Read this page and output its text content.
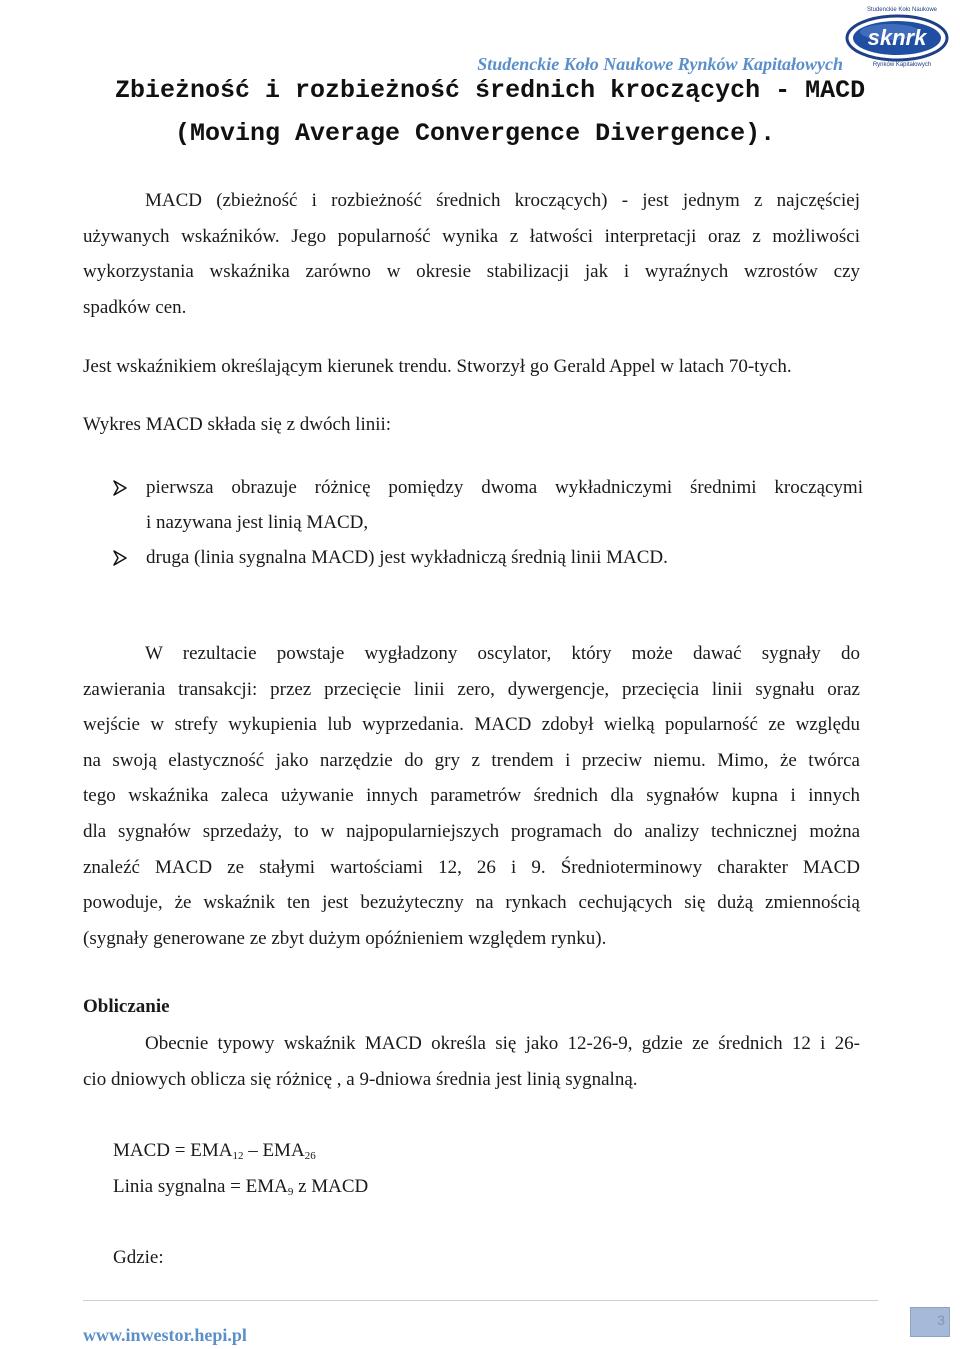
Studenckie Koło Naukowe Rynków Kapitałowych
sknrk
Studenckie Koło Naukowe
Rynków Kapitałowych
Zbieżność i rozbieżność średnich kroczących - MACD
(Moving Average Convergence Divergence).
MACD (zbieżność i rozbieżność średnich kroczących) - jest jednym z najczęściej
używanych wskaźników. Jego popularność wynika z łatwości interpretacji oraz z możliwości
wykorzystania wskaźnika zarówno w okresie stabilizacji jak i wyraźnych wzrostów czy
spadków cen.
Jest wskaźnikiem określającym kierunek trendu. Stworzył go Gerald Appel w latach 70-tych.
Wykres MACD składa się z dwóch linii:
pierwsza obrazuje różnicę pomiędzy dwoma wykładniczymi średnimi kroczącymi
i nazywana jest linią MACD,
druga (linia sygnalna MACD) jest wykładniczą średnią linii MACD.
W rezultacie powstaje wygładzony oscylator, który może dawać sygnały do
zawierania transakcji: przez przecięcie linii zero, dywergencje, przecięcia linii sygnału oraz
wejście w strefy wykupienia lub wyprzedania. MACD zdobył wielką popularność ze względu
na swoją elastyczność jako narzędzie do gry z trendem i przeciw niemu. Mimo, że twórca
tego wskaźnika zaleca używanie innych parametrów średnich dla sygnałów kupna i innych
dla sygnałów sprzedaży, to w najpopularniejszych programach do analizy technicznej można
znaleźć MACD ze stałymi wartościami 12, 26 i 9. Średnioterminowy charakter MACD
powoduje, że wskaźnik ten jest bezużyteczny na rynkach cechujących się dużą zmiennością
(sygnały generowane ze zbyt dużym opóźnieniem względem rynku).
Obliczanie
Obecnie typowy wskaźnik MACD określa się jako 12-26-9, gdzie ze średnich 12 i 26-
cio dniowych oblicza się różnicę , a 9-dniowa średnia jest linią sygnalną.
MACD = $EMA_{12} - EMA_{26}$
Linia sygnalna = $EMA_9$ z MACD
Gdzie:
www.inwestor.hepi.pl
3
